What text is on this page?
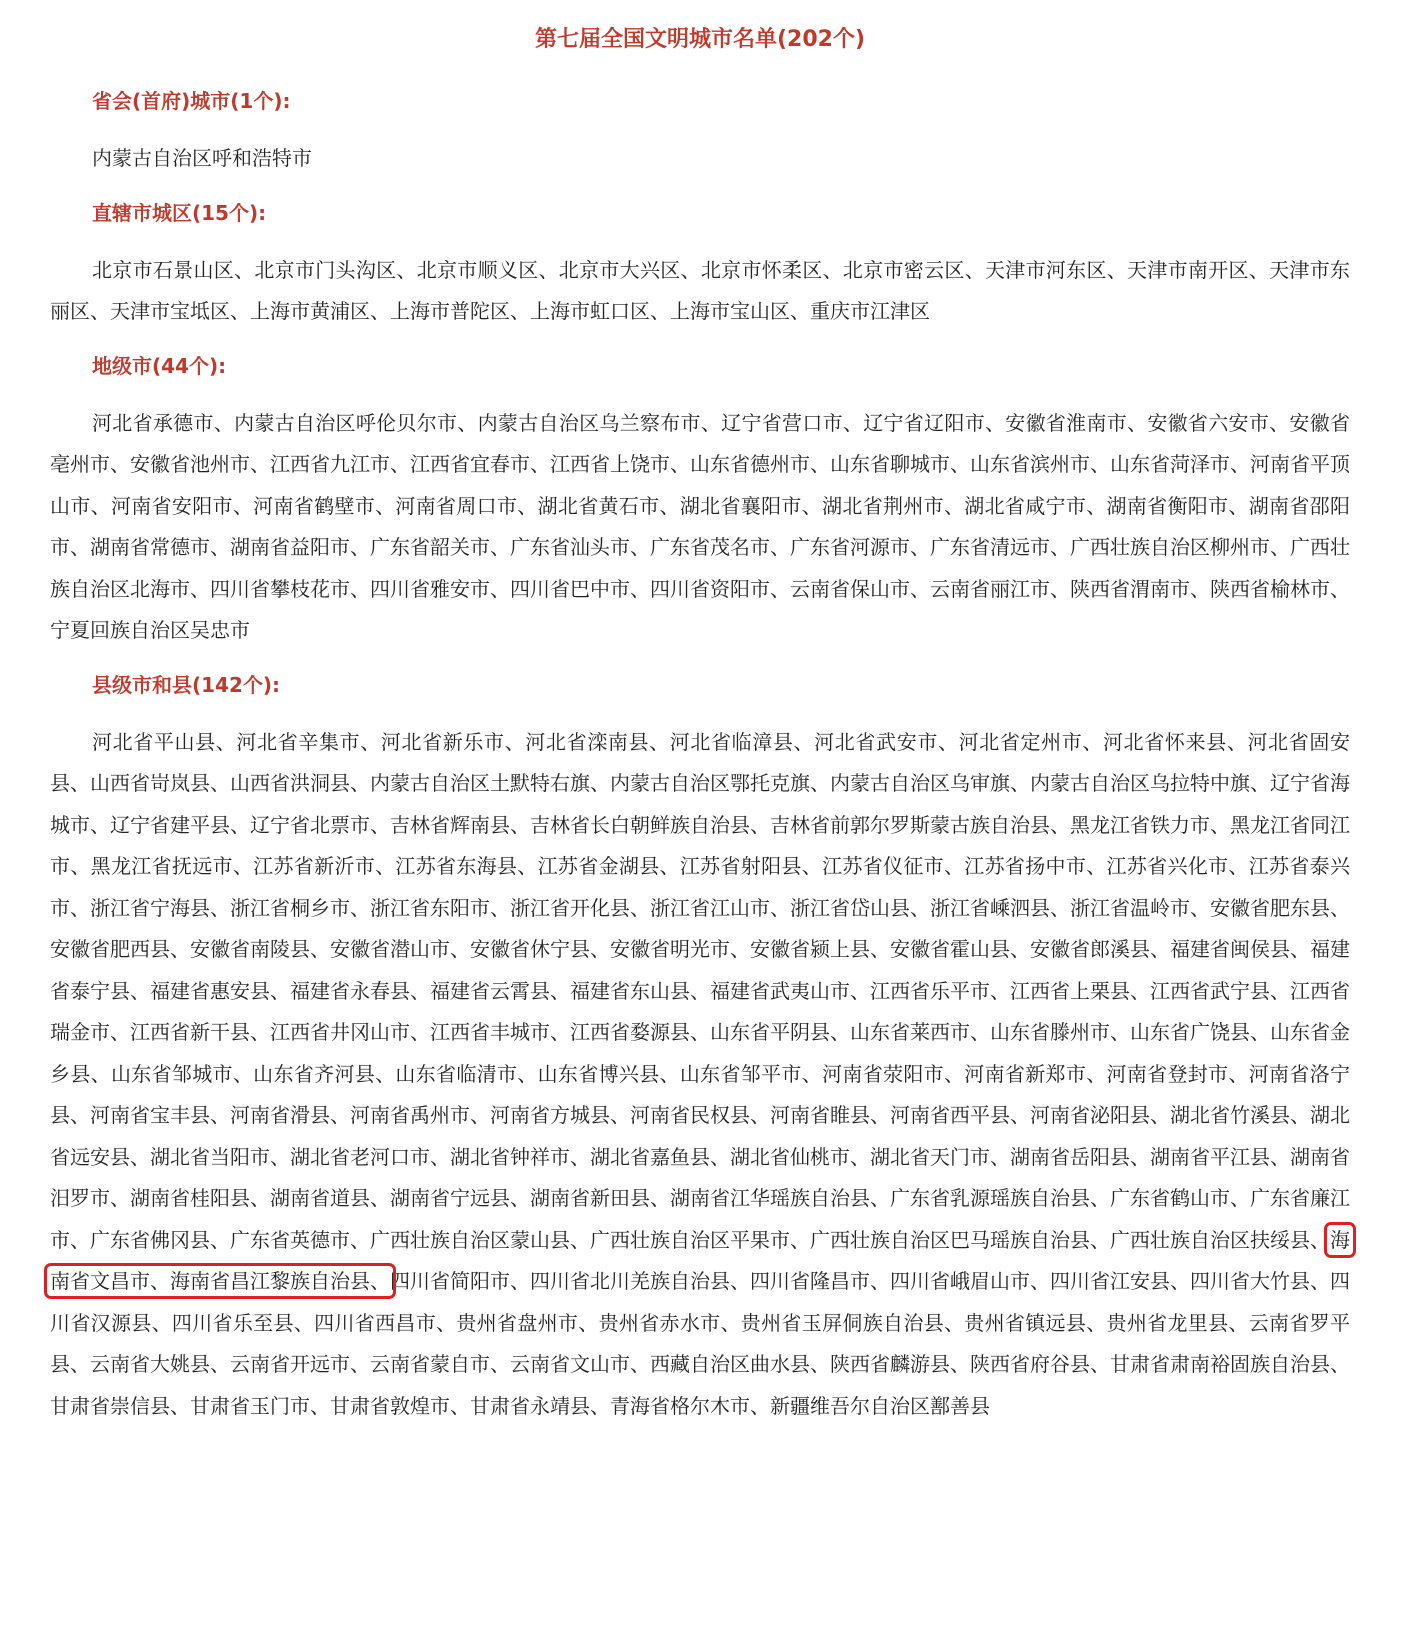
第七届全国文明城市名单(202个)

省会(首府)城市(1个):

内蒙古自治区呼和浩特市

直辖市城区(15个):

北京市石景山区、北京市门头沟区、北京市顺义区、北京市大兴区、北京市怀柔区、北京市密云区、天津市河东区、天津市南开区、天津市东丽区、天津市宝坻区、上海市黄浦区、上海市普陀区、上海市虹口区、上海市宝山区、重庆市江津区

地级市(44个):

河北省承德市、内蒙古自治区呼伦贝尔市、内蒙古自治区乌兰察布市、辽宁省营口市、辽宁省辽阳市、安徽省淮南市、安徽省六安市、安徽省亳州市、安徽省池州市、江西省九江市、江西省宜春市、江西省上饶市、山东省德州市、山东省聊城市、山东省滨州市、山东省菏泽市、河南省平顶山市、河南省安阳市、河南省鹤壁市、河南省周口市、湖北省黄石市、湖北省襄阳市、湖北省荆州市、湖北省咸宁市、湖南省衡阳市、湖南省邵阳市、湖南省常德市、湖南省益阳市、广东省韶关市、广东省汕头市、广东省茂名市、广东省河源市、广东省清远市、广西壮族自治区柳州市、广西壮族自治区北海市、四川省攀枝花市、四川省雅安市、四川省巴中市、四川省资阳市、云南省保山市、云南省丽江市、陕西省渭南市、陕西省榆林市、宁夏回族自治区吴忠市

县级市和县(142个):

河北省平山县、河北省辛集市、河北省新乐市、河北省滦南县、河北省临漳县、河北省武安市、河北省定州市、河北省怀来县、河北省固安县、山西省岢岚县、山西省洪洞县、内蒙古自治区土默特右旗、内蒙古自治区鄂托克旗、内蒙古自治区乌审旗、内蒙古自治区乌拉特中旗、辽宁省海城市、辽宁省建平县、辽宁省北票市、吉林省辉南县、吉林省长白朝鲜族自治县、吉林省前郭尔罗斯蒙古族自治县、黑龙江省铁力市、黑龙江省同江市、黑龙江省抚远市、江苏省新沂市、江苏省东海县、江苏省金湖县、江苏省射阳县、江苏省仪征市、江苏省扬中市、江苏省兴化市、江苏省泰兴市、浙江省宁海县、浙江省桐乡市、浙江省东阳市、浙江省开化县、浙江省江山市、浙江省岱山县、浙江省嵊泗县、浙江省温岭市、安徽省肥东县、安徽省肥西县、安徽省南陵县、安徽省潜山市、安徽省休宁县、安徽省明光市、安徽省颍上县、安徽省霍山县、安徽省郎溪县、福建省闽侯县、福建省泰宁县、福建省惠安县、福建省永春县、福建省云霄县、福建省东山县、福建省武夷山市、江西省乐平市、江西省上栗县、江西省武宁县、江西省瑞金市、江西省新干县、江西省井冈山市、江西省丰城市、江西省婺源县、山东省平阴县、山东省莱西市、山东省滕州市、山东省广饶县、山东省金乡县、山东省邹城市、山东省齐河县、山东省临清市、山东省博兴县、山东省邹平市、河南省荥阳市、河南省新郑市、河南省登封市、河南省洛宁县、河南省宝丰县、河南省滑县、河南省禹州市、河南省方城县、河南省民权县、河南省睢县、河南省西平县、河南省泌阳县、湖北省竹溪县、湖北省远安县、湖北省当阳市、湖北省老河口市、湖北省钟祥市、湖北省嘉鱼县、湖北省仙桃市、湖北省天门市、湖南省岳阳县、湖南省平江县、湖南省汨罗市、湖南省桂阳县、湖南省道县、湖南省宁远县、湖南省新田县、湖南省江华瑶族自治县、广东省乳源瑶族自治县、广东省鹤山市、广东省廉江市、广东省佛冈县、广东省英德市、广西壮族自治区蒙山县、广西壮族自治区平果市、广西壮族自治区巴马瑶族自治县、广西壮族自治区扶绥县、海南省文昌市、海南省昌江黎族自治县、四川省简阳市、四川省北川羌族自治县、四川省隆昌市、四川省峨眉山市、四川省江安县、四川省大竹县、四川省汉源县、四川省乐至县、四川省西昌市、贵州省盘州市、贵州省赤水市、贵州省玉屏侗族自治县、贵州省镇远县、贵州省龙里县、云南省罗平县、云南省大姚县、云南省开远市、云南省蒙自市、云南省文山市、西藏自治区曲水县、陕西省麟游县、陕西省府谷县、甘肃省肃南裕固族自治县、甘肃省崇信县、甘肃省玉门市、甘肃省敦煌市、甘肃省永靖县、青海省格尔木市、新疆维吾尔自治区鄯善县
